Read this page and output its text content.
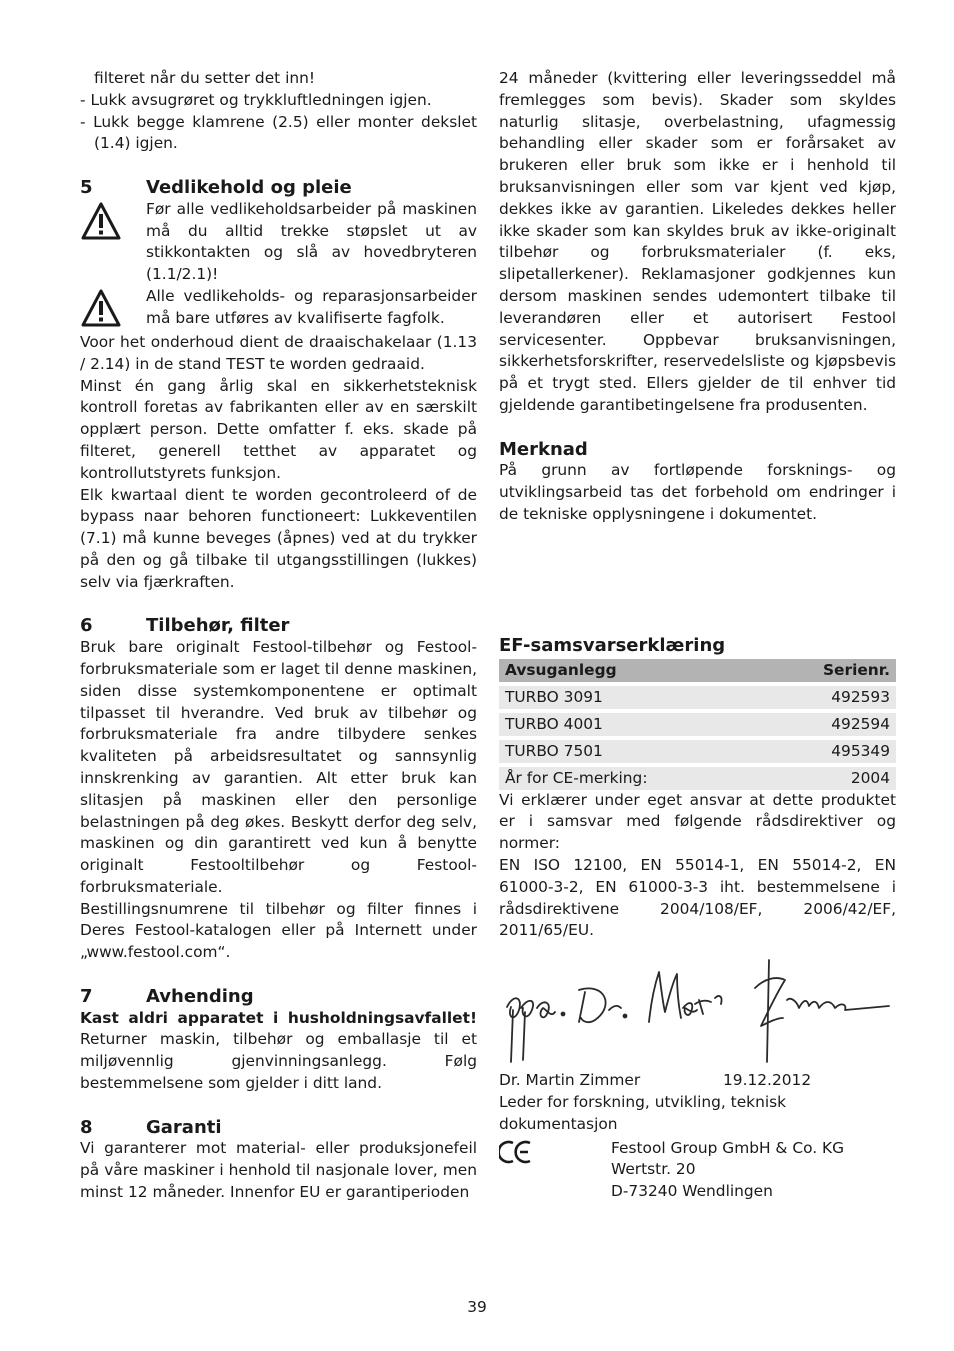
filteret når du setter det inn!

- Lukk avsugrøret og trykkluftledningen igjen.

- Lukk begge klamrene (2.5) eller monter dekslet (1.4) igjen.

5	Vedlikehold og pleie

Før alle vedlikeholdsarbeider på maskinen må du alltid trekke støpslet ut av stikkontakten og slå av hovedbryteren (1.1/2.1)!

Alle vedlikeholds- og reparasjonsarbeider må bare utføres av kvalifiserte fagfolk.

Voor het onderhoud dient de draaischakelaar (1.13 / 2.14) in de stand TEST te worden gedraaid.

Minst én gang årlig skal en sikkerhetsteknisk kontroll foretas av fabrikanten eller av en særskilt opplært person. Dette omfatter f. eks. skade på filteret, generell tetthet av apparatet og kontrollutstyrets funksjon.

Elk kwartaal dient te worden gecontroleerd of de bypass naar behoren functioneert: Lukkeventilen (7.1) må kunne beveges (åpnes) ved at du trykker på den og gå tilbake til utgangsstillingen (lukkes) selv via fjærkraften.

6	Tilbehør, filter

Bruk bare originalt Festool-tilbehør og Festool-forbruksmateriale som er laget til denne maskinen, siden disse systemkomponentene er optimalt tilpasset til hverandre. Ved bruk av tilbehør og forbruksmateriale fra andre tilbydere senkes kvaliteten på arbeidsresultatet og sannsynlig innskrenking av garantien. Alt etter bruk kan slitasjen på maskinen eller den personlige belastningen på deg økes. Beskytt derfor deg selv, maskinen og din garantirett ved kun å benytte originalt Festooltilbehør og Festool-forbruksmateriale.

Bestillingsnumrene til tilbehør og filter finnes i Deres Festool-katalogen eller på Internett under „www.festool.com“.

7	Avhending

Kast aldri apparatet i husholdningsavfallet! Returner maskin, tilbehør og emballasje til et miljøvennlig gjenvinningsanlegg. Følg bestemmelsene som gjelder i ditt land.

8	Garanti

Vi garanterer mot material- eller produksjonefeil på våre maskiner i henhold til nasjonale lover, men minst 12 måneder. Innenfor EU er garantiperioden

24 måneder (kvittering eller leveringsseddel må fremlegges som bevis). Skader som skyldes naturlig slitasje, overbelastning, ufagmessig behandling eller skader som er forårsaket av brukeren eller bruk som ikke er i henhold til bruksanvisningen eller som var kjent ved kjøp, dekkes ikke av garantien. Likeledes dekkes heller ikke skader som kan skyldes bruk av ikke-originalt tilbehør og forbruksmaterialer (f. eks, slipetallerkener). Reklamasjoner godkjennes kun dersom maskinen sendes udemontert tilbake til leverandøren eller et autorisert Festool servicesenter. Oppbevar bruksanvisningen, sikkerhetsforskrifter, reservedelsliste og kjøpsbevis på et trygt sted. Ellers gjelder de til enhver tid gjeldende garantibetingelsene fra produsenten.

Merknad

På grunn av fortløpende forsknings- og utviklingsarbeid tas det forbehold om endringer i de tekniske opplysningene i dokumentet.

EF-samsvarserklæring
Avsuganlegg	Serienr.
TURBO 3091	492593
TURBO 4001	492594
TURBO 7501	495349
År for CE-merking:	2004

Vi erklærer under eget ansvar at dette produktet er i samsvar med følgende rådsdirektiver og normer:

EN ISO 12100, EN 55014-1, EN 55014-2, EN 61000-3-2, EN 61000-3-3 iht. bestemmelsene i rådsdirektivene 2004/108/EF, 2006/42/EF, 2011/65/EU.

Dr. Martin Zimmer	19.12.2012

Leder for forskning, utvikling, teknisk dokumentasjon

Festool Group GmbH & Co. KG

Wertstr. 20

D-73240 Wendlingen

39
